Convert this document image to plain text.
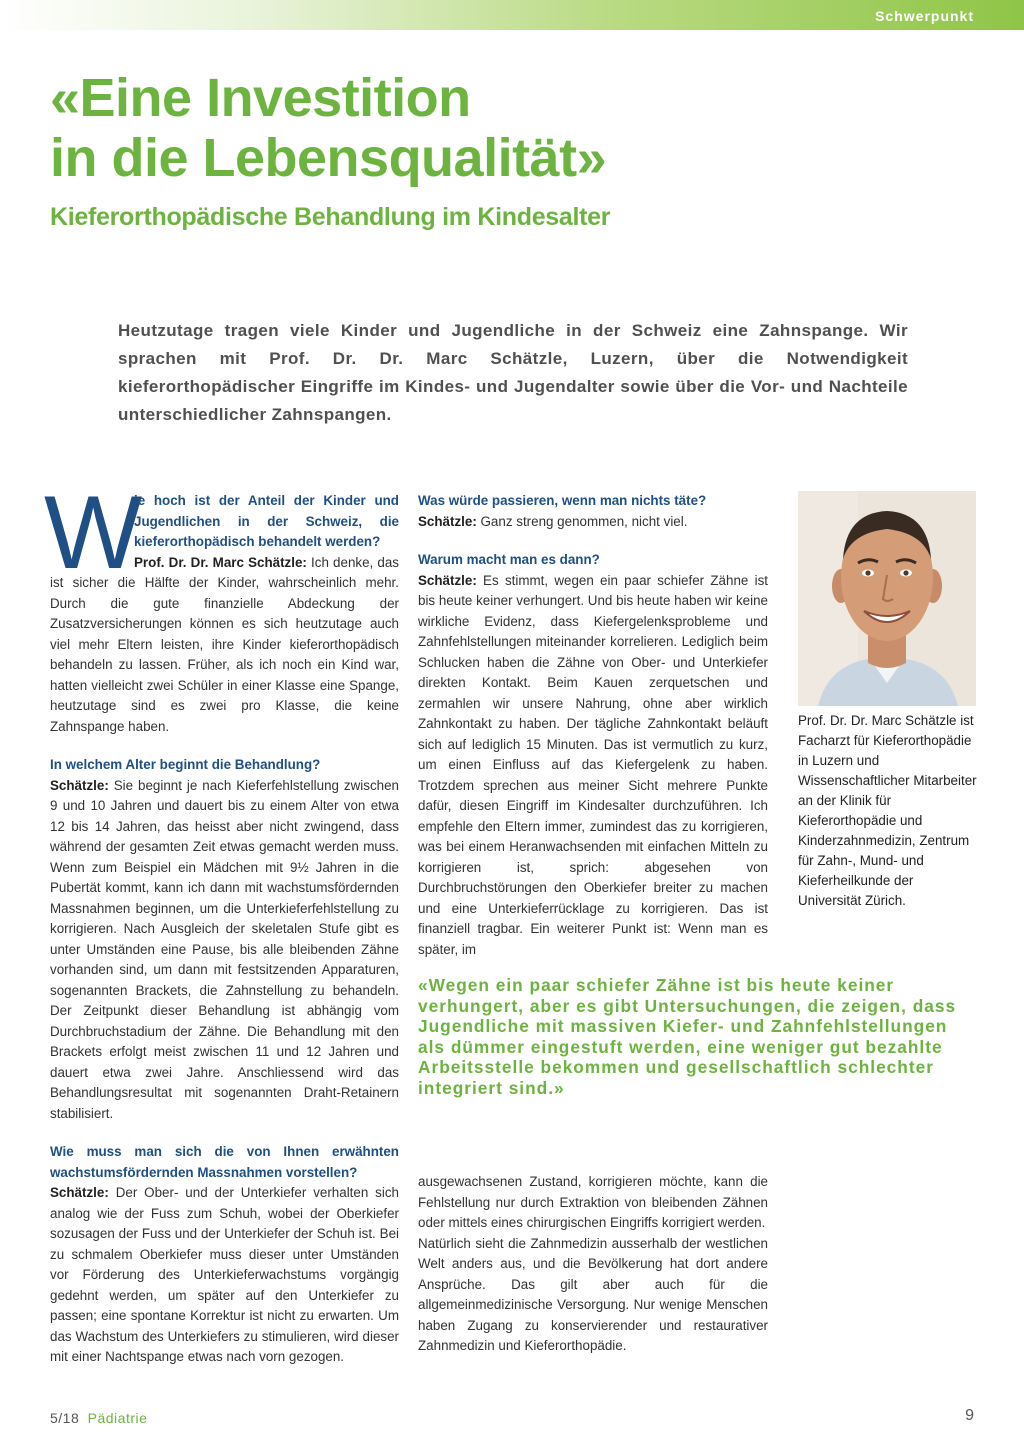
Schwerpunkt
«Eine Investition
in die Lebensqualität»
Kieferorthopädische Behandlung im Kindesalter

Heutzutage tragen viele Kinder und Jugendliche in der Schweiz eine Zahnspange. Wir sprachen mit Prof. Dr. Dr. Marc Schätzle, Luzern, über die Notwendigkeit kieferorthopädischer Eingriffe im Kindes- und Jugendalter sowie über die Vor- und Nachteile unterschiedlicher Zahnspangen.

W

ie hoch ist der Anteil der Kinder und Jugendlichen in der Schweiz, die kieferorthopädisch behandelt werden?
Prof. Dr. Dr. Marc Schätzle: Ich denke, das ist sicher die Hälfte der Kinder, wahrscheinlich mehr. Durch die gute finanzielle Abdeckung der Zusatzversicherungen können es sich heutzutage auch viel mehr Eltern leisten, ihre Kinder kieferorthopädisch behandeln zu lassen. Früher, als ich noch ein Kind war, hatten vielleicht zwei Schüler in einer Klasse eine Spange, heutzutage sind es zwei pro Klasse, die keine Zahnspange haben.

In welchem Alter beginnt die Behandlung?
Schätzle: Sie beginnt je nach Kieferfehlstellung zwischen 9 und 10 Jahren und dauert bis zu einem Alter von etwa 12 bis 14 Jahren, das heisst aber nicht zwingend, dass während der gesamten Zeit etwas gemacht werden muss. Wenn zum Beispiel ein Mädchen mit 9½ Jahren in die Pubertät kommt, kann ich dann mit wachstumsfördernden Massnahmen beginnen, um die Unterkieferfehlstellung zu korrigieren. Nach Ausgleich der skeletalen Stufe gibt es unter Umständen eine Pause, bis alle bleibenden Zähne vorhanden sind, um dann mit festsitzenden Apparaturen, sogenannten Brackets, die Zahnstellung zu behandeln. Der Zeitpunkt dieser Behandlung ist abhängig vom Durchbruchstadium der Zähne. Die Behandlung mit den Brackets erfolgt meist zwischen 11 und 12 Jahren und dauert etwa zwei Jahre. Anschliessend wird das Behandlungsresultat mit sogenannten Draht-Retainern stabilisiert.

Wie muss man sich die von Ihnen erwähnten wachstumsfördernden Massnahmen vorstellen?
Schätzle: Der Ober- und der Unterkiefer verhalten sich analog wie der Fuss zum Schuh, wobei der Oberkiefer sozusagen der Fuss und der Unterkiefer der Schuh ist. Bei zu schmalem Oberkiefer muss dieser unter Umständen vor Förderung des Unterkieferwachstums vorgängig gedehnt werden, um später auf den Unterkiefer zu passen; eine spontane Korrektur ist nicht zu erwarten. Um das Wachstum des Unterkiefers zu stimulieren, wird dieser mit einer Nachtspange etwas nach vorn gezogen.

Was würde passieren, wenn man nichts täte?
Schätzle: Ganz streng genommen, nicht viel.

Warum macht man es dann?
Schätzle: Es stimmt, wegen ein paar schiefer Zähne ist bis heute keiner verhungert. Und bis heute haben wir keine wirkliche Evidenz, dass Kiefergelenksprobleme und Zahnfehlstellungen miteinander korrelieren. Lediglich beim Schlucken haben die Zähne von Ober- und Unterkiefer direkten Kontakt. Beim Kauen zerquetschen und zermahlen wir unsere Nahrung, ohne aber wirklich Zahnkontakt zu haben. Der tägliche Zahnkontakt beläuft sich auf lediglich 15 Minuten. Das ist vermutlich zu kurz, um einen Einfluss auf das Kiefergelenk zu haben. Trotzdem sprechen aus meiner Sicht mehrere Punkte dafür, diesen Eingriff im Kindesalter durchzuführen. Ich empfehle den Eltern immer, zumindest das zu korrigieren, was bei einem Heranwachsenden mit einfachen Mitteln zu korrigieren ist, sprich: abgesehen von Durchbruchstörungen den Oberkiefer breiter zu machen und eine Unterkieferrücklage zu korrigieren. Das ist finanziell tragbar. Ein weiterer Punkt ist: Wenn man es später, im

«Wegen ein paar schiefer Zähne ist bis heute keiner verhungert, aber es gibt Untersuchungen, die zeigen, dass Jugendliche mit massiven Kiefer- und Zahnfehlstellungen als dümmer eingestuft werden, eine weniger gut bezahlte Arbeitsstelle bekommen und gesellschaftlich schlechter integriert sind.»

ausgewachsenen Zustand, korrigieren möchte, kann die Fehlstellung nur durch Extraktion von bleibenden Zähnen oder mittels eines chirurgischen Eingriffs korrigiert werden.

Natürlich sieht die Zahnmedizin ausserhalb der westlichen Welt anders aus, und die Bevölkerung hat dort andere Ansprüche. Das gilt aber auch für die allgemeinmedizinische Versorgung. Nur wenige Menschen haben Zugang zu konservierender und restaurativer Zahnmedizin und Kieferorthopädie.

Prof. Dr. Dr. Marc Schätzle ist Facharzt für Kieferorthopädie in Luzern und Wissenschaftlicher Mitarbeiter an der Klinik für Kieferorthopädie und Kinderzahnmedizin, Zentrum für Zahn-, Mund- und Kieferheilkunde der Universität Zürich.

5/18 Pädiatrie	9
